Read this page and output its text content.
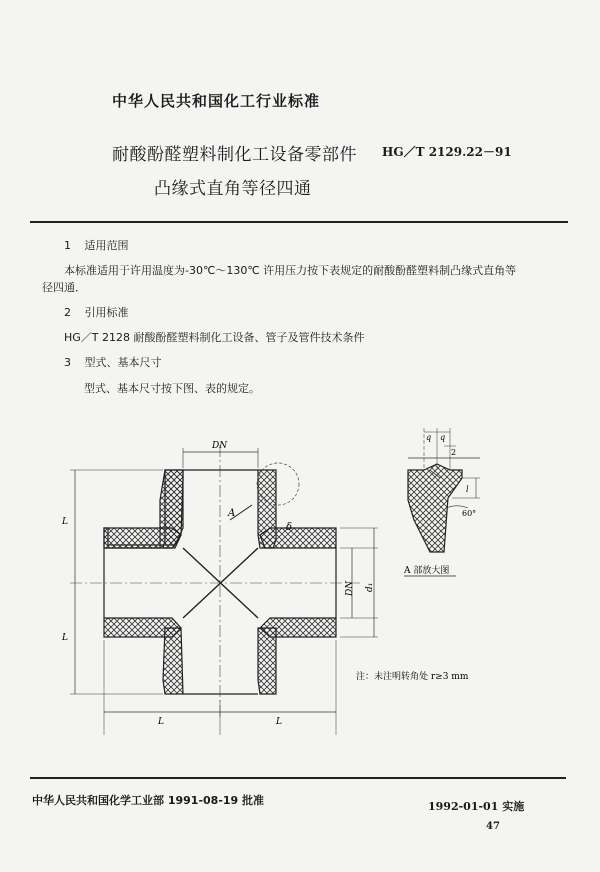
中华人民共和国化工行业标准
耐酸酚醛塑料制化工设备零部件
凸缘式直角等径四通
HG／T 2129.22－91
1 适用范围
本标准适用于许用温度为-30℃～130℃ 许用压力按下表规定的耐酸酚醛塑料制凸缘式直角等
径四通．
2 引用标准
HG／T 2128 耐酸酚醛塑料制化工设备、管子及管件技术条件
3 型式、基本尺寸
型式、基本尺寸按下图、表的规定。
A
δ
DN
L
L
L	L
DN d₁
q q
2
l
60°
A 部放大图
注：未注明转角处 r≥3 mm
中华人民共和国化学工业部 1991-08-19 批准	1992-01-01 实施
47
